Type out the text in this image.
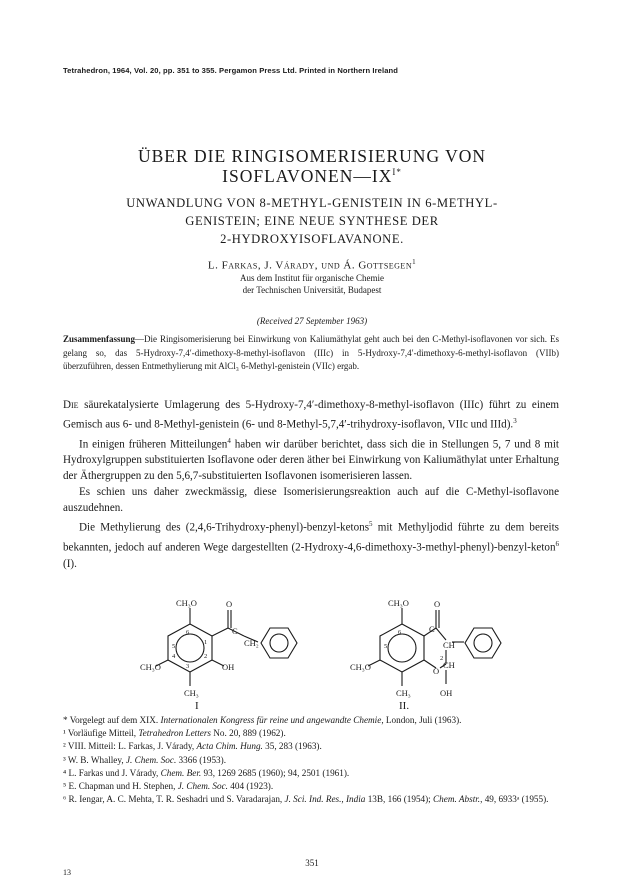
Tetrahedron, 1964, Vol. 20, pp. 351 to 355. Pergamon Press Ltd. Printed in Northern Ireland
ÜBER DIE RINGISOMERISIERUNG VON
$ISOFLAVONEN—IX^{I*}$
UNWANDLUNG VON 8-METHYL-GENISTEIN IN 6-METHYL-
GENISTEIN; EINE NEUE SYNTHESE DER
2-HYDROXYISOFLAVANONE.
L. Farkas, J. Várady, und Á. Gottsegen$^1$
Aus dem Institut für organische Chemie
der Technischen Universität, Budapest
(Received 27 September 1963)
Zusammenfassung—Die Ringisomerisierung bei Einwirkung von Kaliumäthylat geht auch bei den C-Methyl-isoflavonen vor sich. Es gelang so, das 5-Hydroxy-7,4′-dimethoxy-8-methyl-isoflavon (IIIc) in 5-Hydroxy-7,4′-dimethoxy-6-methyl-isoflavon (VIIb) überzuführen, dessen Entmethylierung mit AlCl₃ 6-Methyl-genistein (VIIc) ergab.

Die säurekatalysierte Umlagerung des 5-Hydroxy-7,4′-dimethoxy-8-methyl-isoflavon (IIIc) führt zu einem Gemisch aus 6- und 8-Methyl-genistein (6- und 8-Methyl-5,7,4′-trihydroxy-isoflavon, VIIc und IIId).$^3$

In einigen früheren Mitteilungen$^4$ haben wir darüber berichtet, dass sich die in Stellungen 5, 7 und 8 mit Hydroxylgruppen substituierten Isoflavone oder deren äther bei Einwirkung von Kaliumäthylat unter Erhaltung der Äthergruppen zu den 5,6,7-substituierten Isoflavonen isomerisieren lassen.

Es schien uns daher zweckmässig, diese Isomerisierungsreaktion auch auf die C-Methyl-isoflavone auszudehnen.

Die Methylierung des (2,4,6-Trihydroxy-phenyl)-benzyl-ketons$^5$ mit Methyljodid führte zu dem bereits bekannten, jedoch auf anderen Wege dargestellten (2-Hydroxy-4,6-dimethoxy-3-methyl-phenyl)-benzyl-keton$^6$ (I).

CH₃O	O
C
CH₂
CH₃O	OH
CH₃
6
5
4	2
1
3
CH₃O	O
C
CH
CH
O
CH₃O
CH₃	OH
2
6
5
I	II.

* Vorgelegt auf dem XIX. Internationalen Kongress für reine und angewandte Chemie, London, Juli (1963).

¹ Vorläufige Mitteil, Tetrahedron Letters No. 20, 889 (1962).

² VIII. Mitteil: L. Farkas, J. Várady, Acta Chim. Hung. 35, 283 (1963).

³ W. B. Whalley, J. Chem. Soc. 3366 (1953).

⁴ L. Farkas und J. Várady, Chem. Ber. 93, 1269 2685 (1960); 94, 2501 (1961).

⁵ E. Chapman und H. Stephen, J. Chem. Soc. 404 (1923).

⁶ R. Iengar, A. C. Mehta, T. R. Seshadri und S. Varadarajan, J. Sci. Ind. Res., India 13B, 166 (1954); Chem. Abstr., 49, 6933ᵃ (1955).

351
13
